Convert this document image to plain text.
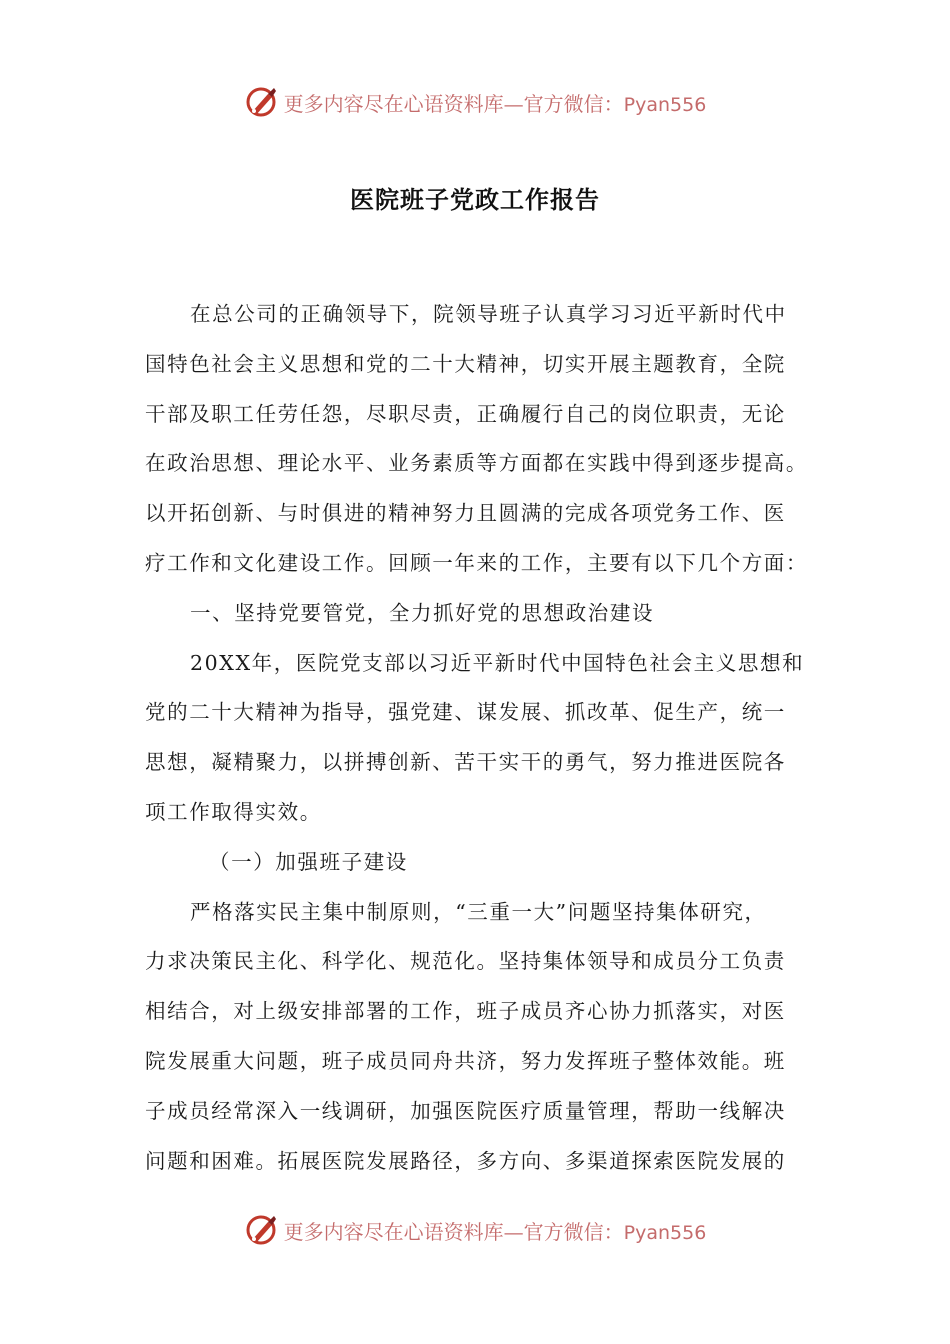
更多内容尽在心语资料库—官方微信：Pyan556
医院班子党政工作报告

在总公司的正确领导下，院领导班子认真学习习近平新时代中

国特色社会主义思想和党的二十大精神，切实开展主题教育，全院

干部及职工任劳任怨，尽职尽责，正确履行自己的岗位职责，无论

在政治思想、理论水平、业务素质等方面都在实践中得到逐步提高。

以开拓创新、与时俱进的精神努力且圆满的完成各项党务工作、医

疗工作和文化建设工作。回顾一年来的工作，主要有以下几个方面：

一、坚持党要管党，全力抓好党的思想政治建设

20XX年，医院党支部以习近平新时代中国特色社会主义思想和

党的二十大精神为指导，强党建、谋发展、抓改革、促生产，统一

思想，凝精聚力，以拼搏创新、苦干实干的勇气，努力推进医院各

项工作取得实效。

（一）加强班子建设

严格落实民主集中制原则，“三重一大”问题坚持集体研究，

力求决策民主化、科学化、规范化。坚持集体领导和成员分工负责

相结合，对上级安排部署的工作，班子成员齐心协力抓落实，对医

院发展重大问题，班子成员同舟共济，努力发挥班子整体效能。班

子成员经常深入一线调研，加强医院医疗质量管理，帮助一线解决

问题和困难。拓展医院发展路径，多方向、多渠道探索医院发展的

更多内容尽在心语资料库—官方微信：Pyan556
